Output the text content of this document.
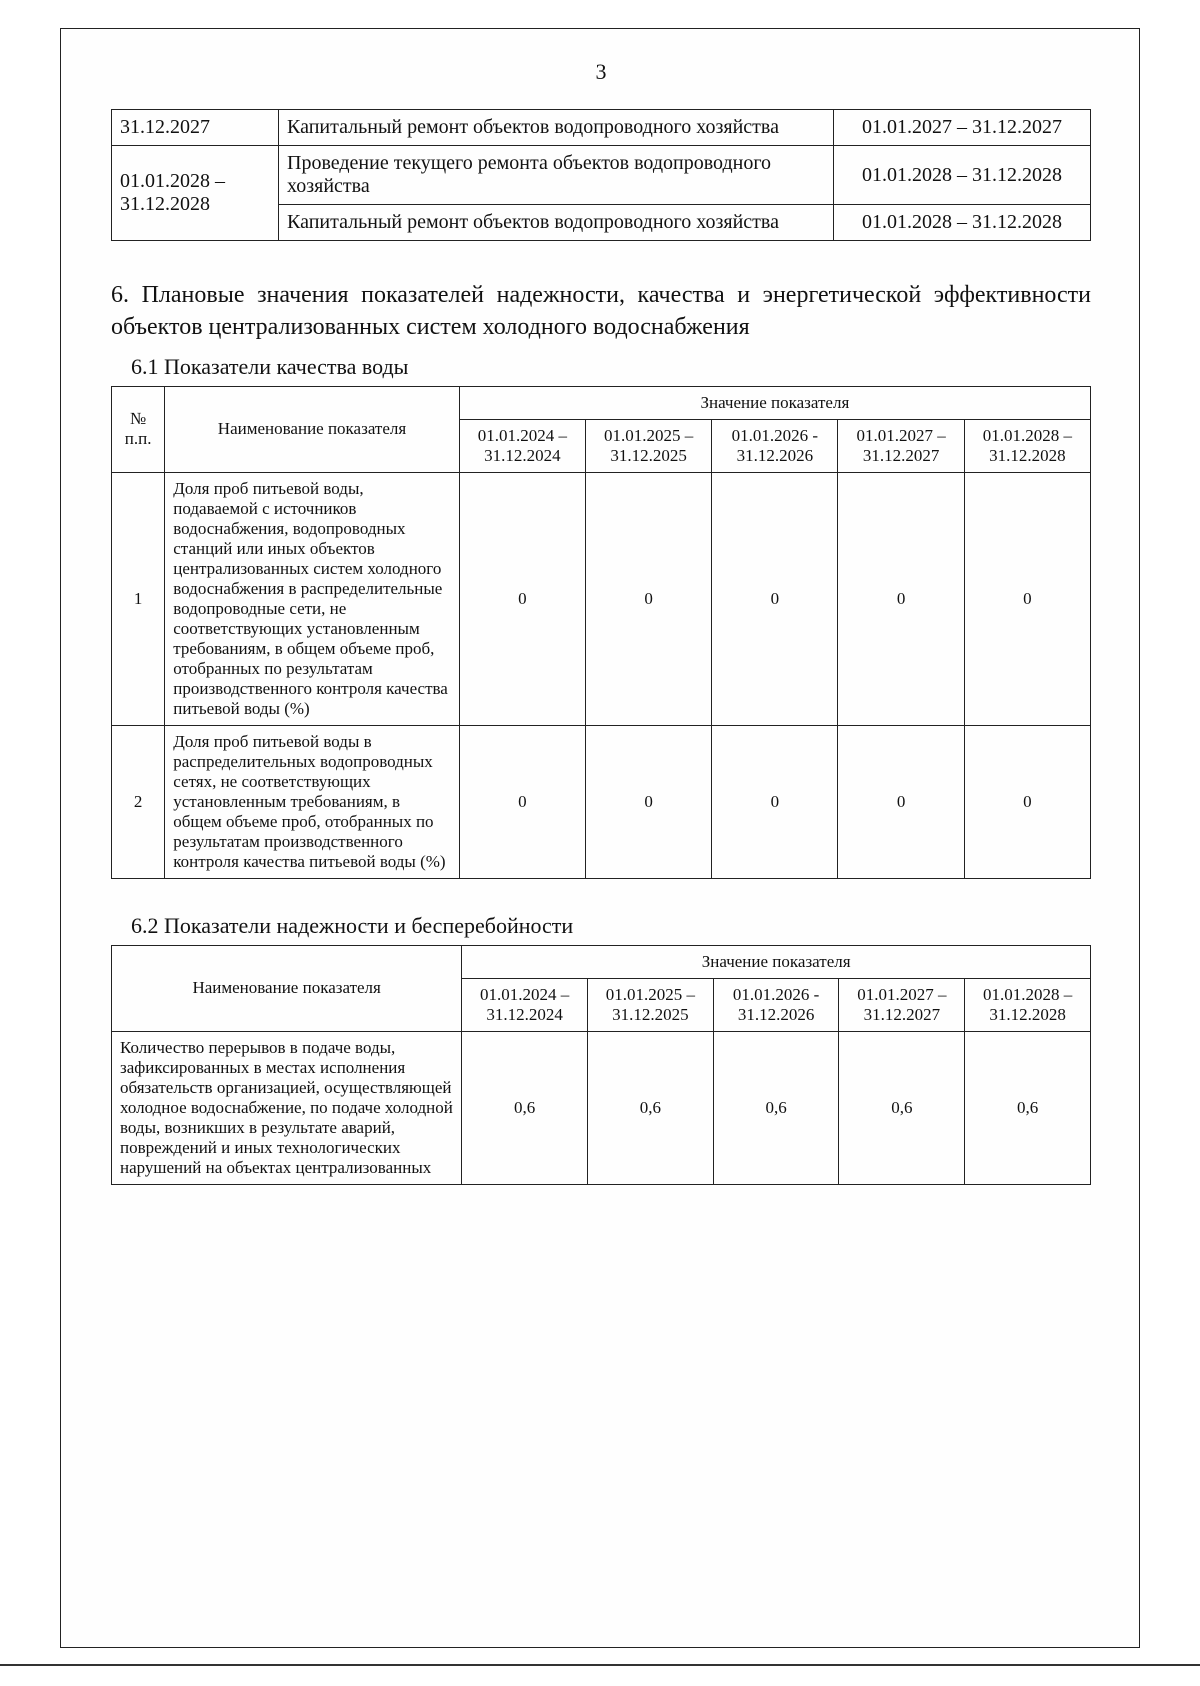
3
31.12.2027	Капитальный ремонт объектов водопроводного хозяйства	01.01.2027 – 31.12.2027
01.01.2028 – 31.12.2028	Проведение текущего ремонта объектов водопроводного хозяйства	01.01.2028 – 31.12.2028
	Капитальный ремонт объектов водопроводного хозяйства	01.01.2028 – 31.12.2028
6. Плановые значения показателей надежности, качества и энергетической эффективности объектов централизованных систем холодного водоснабжения
6.1 Показатели качества воды
№ п.п.	Наименование показателя	Значение показателя				
		01.01.2024 – 31.12.2024	01.01.2025 – 31.12.2025	01.01.2026 - 31.12.2026	01.01.2027 – 31.12.2027	01.01.2028 – 31.12.2028
1	Доля проб питьевой воды, подаваемой с источников водоснабжения, водопроводных станций или иных объектов централизованных систем холодного водоснабжения в распределительные водопроводные сети, не соответствующих установленным требованиям, в общем объеме проб, отобранных по результатам производственного контроля качества питьевой воды (%)	0	0	0	0	0
2	Доля проб питьевой воды в распределительных водопроводных сетях, не соответствующих установленным требованиям, в общем объеме проб, отобранных по результатам производственного контроля качества питьевой воды (%)	0	0	0	0	0
6.2 Показатели надежности и бесперебойности
Наименование показателя	Значение показателя				
	01.01.2024 – 31.12.2024	01.01.2025 – 31.12.2025	01.01.2026 - 31.12.2026	01.01.2027 – 31.12.2027	01.01.2028 – 31.12.2028
Количество перерывов в подаче воды, зафиксированных в местах исполнения обязательств организацией, осуществляющей холодное водоснабжение, по подаче холодной воды, возникших в результате аварий, повреждений и иных технологических нарушений на объектах централизованных	0,6	0,6	0,6	0,6	0,6
